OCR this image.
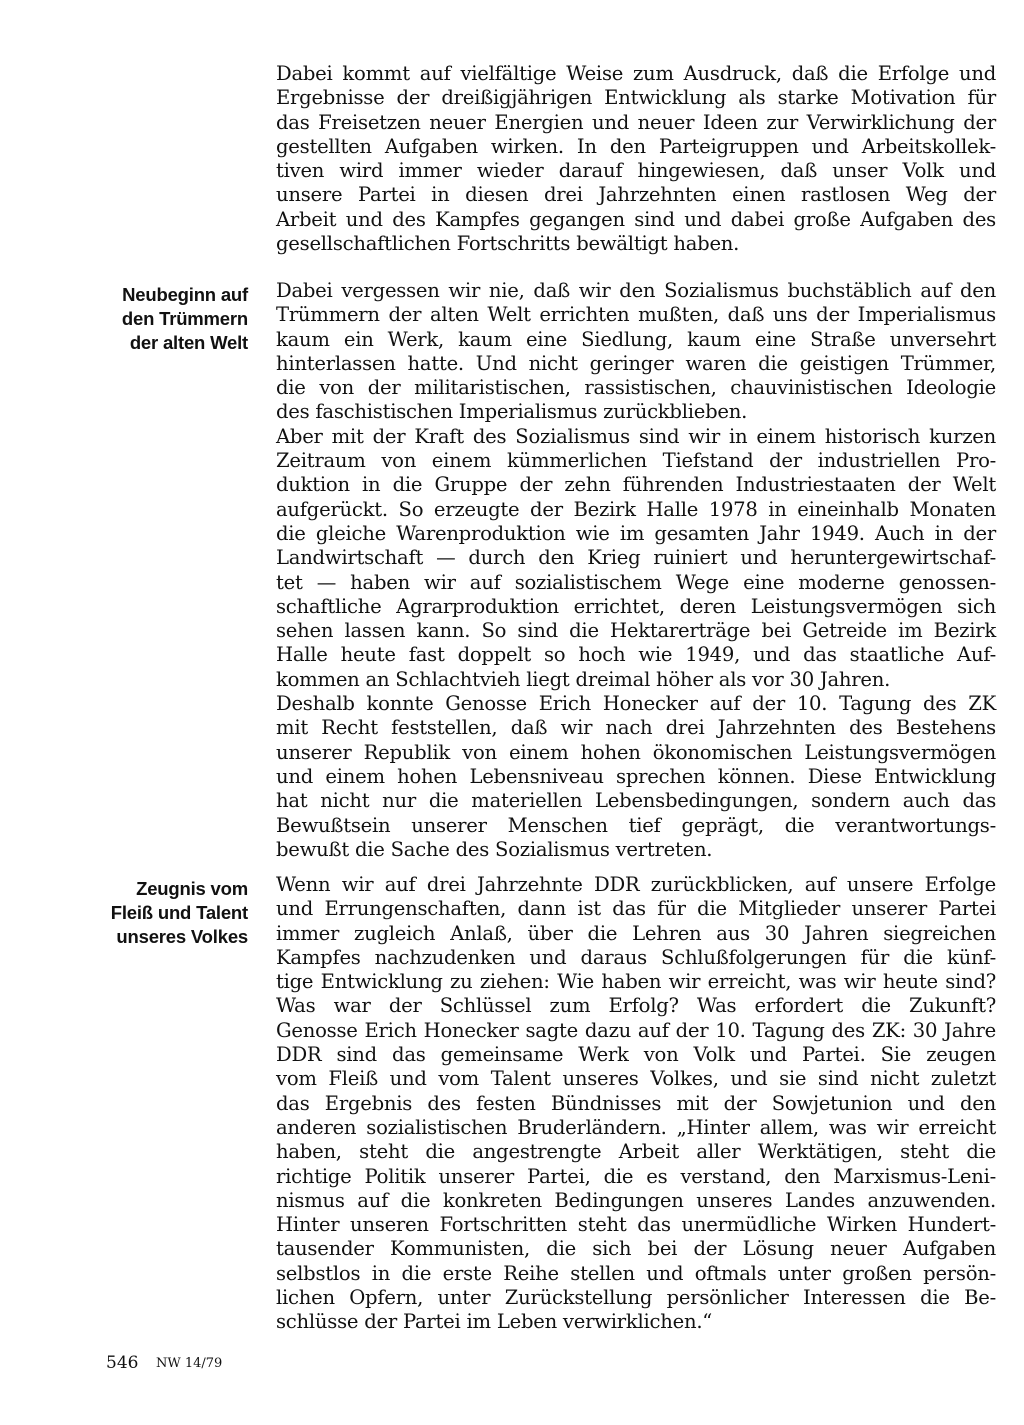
Dabei kommt auf vielfältige Weise zum Ausdruck, daß die Erfolge und
Ergebnisse der dreißigjährigen Entwicklung als starke Motivation für
das Freisetzen neuer Energien und neuer Ideen zur Verwirklichung der
gestellten Aufgaben wirken. In den Parteigruppen und Arbeitskollek-
tiven wird immer wieder darauf hingewiesen, daß unser Volk und
unsere Partei in diesen drei Jahrzehnten einen rastlosen Weg der
Arbeit und des Kampfes gegangen sind und dabei große Aufgaben des
gesellschaftlichen Fortschritts bewältigt haben.
Neubeginn auf
den Trümmern
der alten Welt
Dabei vergessen wir nie, daß wir den Sozialismus buchstäblich auf den
Trümmern der alten Welt errichten mußten, daß uns der Imperialismus
kaum ein Werk, kaum eine Siedlung, kaum eine Straße unversehrt
hinterlassen hatte. Und nicht geringer waren die geistigen Trümmer,
die von der militaristischen, rassistischen, chauvinistischen Ideologie
des faschistischen Imperialismus zurückblieben.
Aber mit der Kraft des Sozialismus sind wir in einem historisch kurzen
Zeitraum von einem kümmerlichen Tiefstand der industriellen Pro-
duktion in die Gruppe der zehn führenden Industriestaaten der Welt
aufgerückt. So erzeugte der Bezirk Halle 1978 in eineinhalb Monaten
die gleiche Warenproduktion wie im gesamten Jahr 1949. Auch in der
Landwirtschaft — durch den Krieg ruiniert und heruntergewirtschaf-
tet — haben wir auf sozialistischem Wege eine moderne genossen-
schaftliche Agrarproduktion errichtet, deren Leistungsvermögen sich
sehen lassen kann. So sind die Hektarerträge bei Getreide im Bezirk
Halle heute fast doppelt so hoch wie 1949, und das staatliche Auf-
kommen an Schlachtvieh liegt dreimal höher als vor 30 Jahren.
Deshalb konnte Genosse Erich Honecker auf der 10. Tagung des ZK
mit Recht feststellen, daß wir nach drei Jahrzehnten des Bestehens
unserer Republik von einem hohen ökonomischen Leistungsvermögen
und einem hohen Lebensniveau sprechen können. Diese Entwicklung
hat nicht nur die materiellen Lebensbedingungen, sondern auch das
Bewußtsein unserer Menschen tief geprägt, die verantwortungs-
bewußt die Sache des Sozialismus vertreten.
Zeugnis vom
Fleiß und Talent
unseres Volkes
Wenn wir auf drei Jahrzehnte DDR zurückblicken, auf unsere Erfolge
und Errungenschaften, dann ist das für die Mitglieder unserer Partei
immer zugleich Anlaß, über die Lehren aus 30 Jahren siegreichen
Kampfes nachzudenken und daraus Schlußfolgerungen für die künf-
tige Entwicklung zu ziehen: Wie haben wir erreicht, was wir heute sind?
Was war der Schlüssel zum Erfolg? Was erfordert die Zukunft?
Genosse Erich Honecker sagte dazu auf der 10. Tagung des ZK: 30 Jahre
DDR sind das gemeinsame Werk von Volk und Partei. Sie zeugen
vom Fleiß und vom Talent unseres Volkes, und sie sind nicht zuletzt
das Ergebnis des festen Bündnisses mit der Sowjetunion und den
anderen sozialistischen Bruderländern. „Hinter allem, was wir erreicht
haben, steht die angestrengte Arbeit aller Werktätigen, steht die
richtige Politik unserer Partei, die es verstand, den Marxismus-Leni-
nismus auf die konkreten Bedingungen unseres Landes anzuwenden.
Hinter unseren Fortschritten steht das unermüdliche Wirken Hundert-
tausender Kommunisten, die sich bei der Lösung neuer Aufgaben
selbstlos in die erste Reihe stellen und oftmals unter großen persön-
lichen Opfern, unter Zurückstellung persönlicher Interessen die Be-
schlüsse der Partei im Leben verwirklichen.“
546 NW 14/79
